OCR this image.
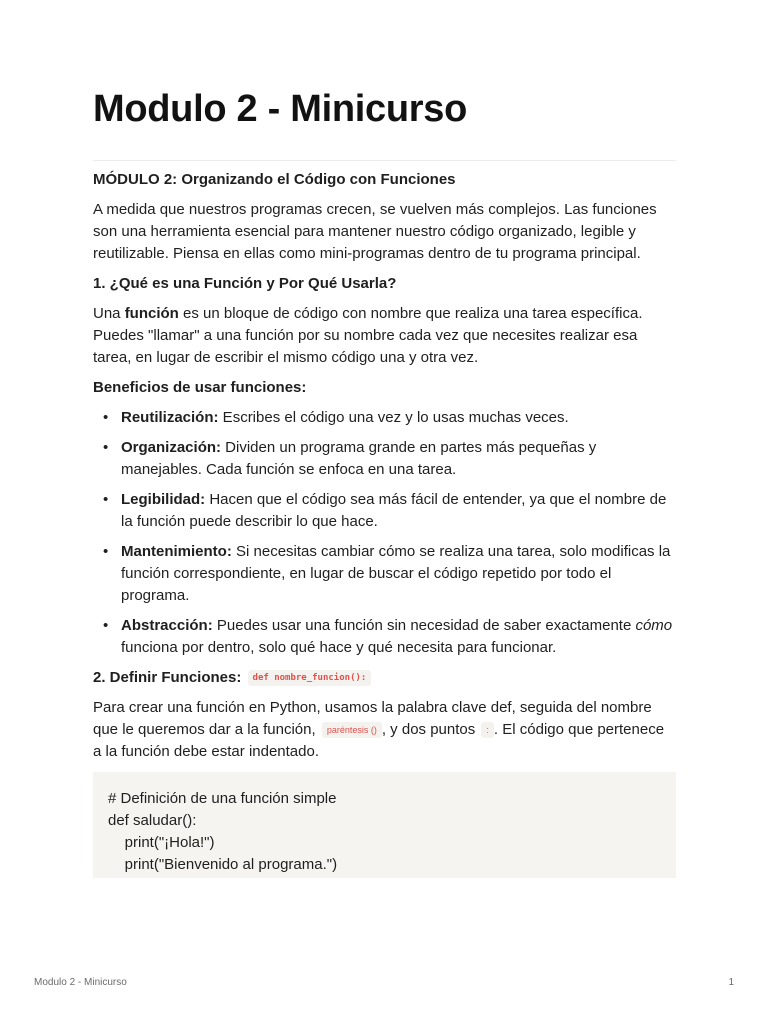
Modulo 2 - Minicurso

MÓDULO 2: Organizando el Código con Funciones

A medida que nuestros programas crecen, se vuelven más complejos. Las funciones son una herramienta esencial para mantener nuestro código organizado, legible y reutilizable. Piensa en ellas como mini-programas dentro de tu programa principal.

1. ¿Qué es una Función y Por Qué Usarla?

Una función es un bloque de código con nombre que realiza una tarea específica. Puedes "llamar" a una función por su nombre cada vez que necesites realizar esa tarea, en lugar de escribir el mismo código una y otra vez.

Beneficios de usar funciones:

• Reutilización: Escribes el código una vez y lo usas muchas veces.
• Organización: Dividen un programa grande en partes más pequeñas y manejables. Cada función se enfoca en una tarea.
• Legibilidad: Hacen que el código sea más fácil de entender, ya que el nombre de la función puede describir lo que hace.
• Mantenimiento: Si necesitas cambiar cómo se realiza una tarea, solo modificas la función correspondiente, en lugar de buscar el código repetido por todo el programa.
• Abstracción: Puedes usar una función sin necesidad de saber exactamente cómo funciona por dentro, solo qué hace y qué necesita para funcionar.

2. Definir Funciones: def nombre_funcion():

Para crear una función en Python, usamos la palabra clave def, seguida del nombre que le queremos dar a la función, paréntesis () , y dos puntos : . El código que pertenece a la función debe estar indentado.

# Definición de una función simple
def saludar():
print("¡Hola!")
print("Bienvenido al programa.")
Modulo 2 - Minicurso	1
